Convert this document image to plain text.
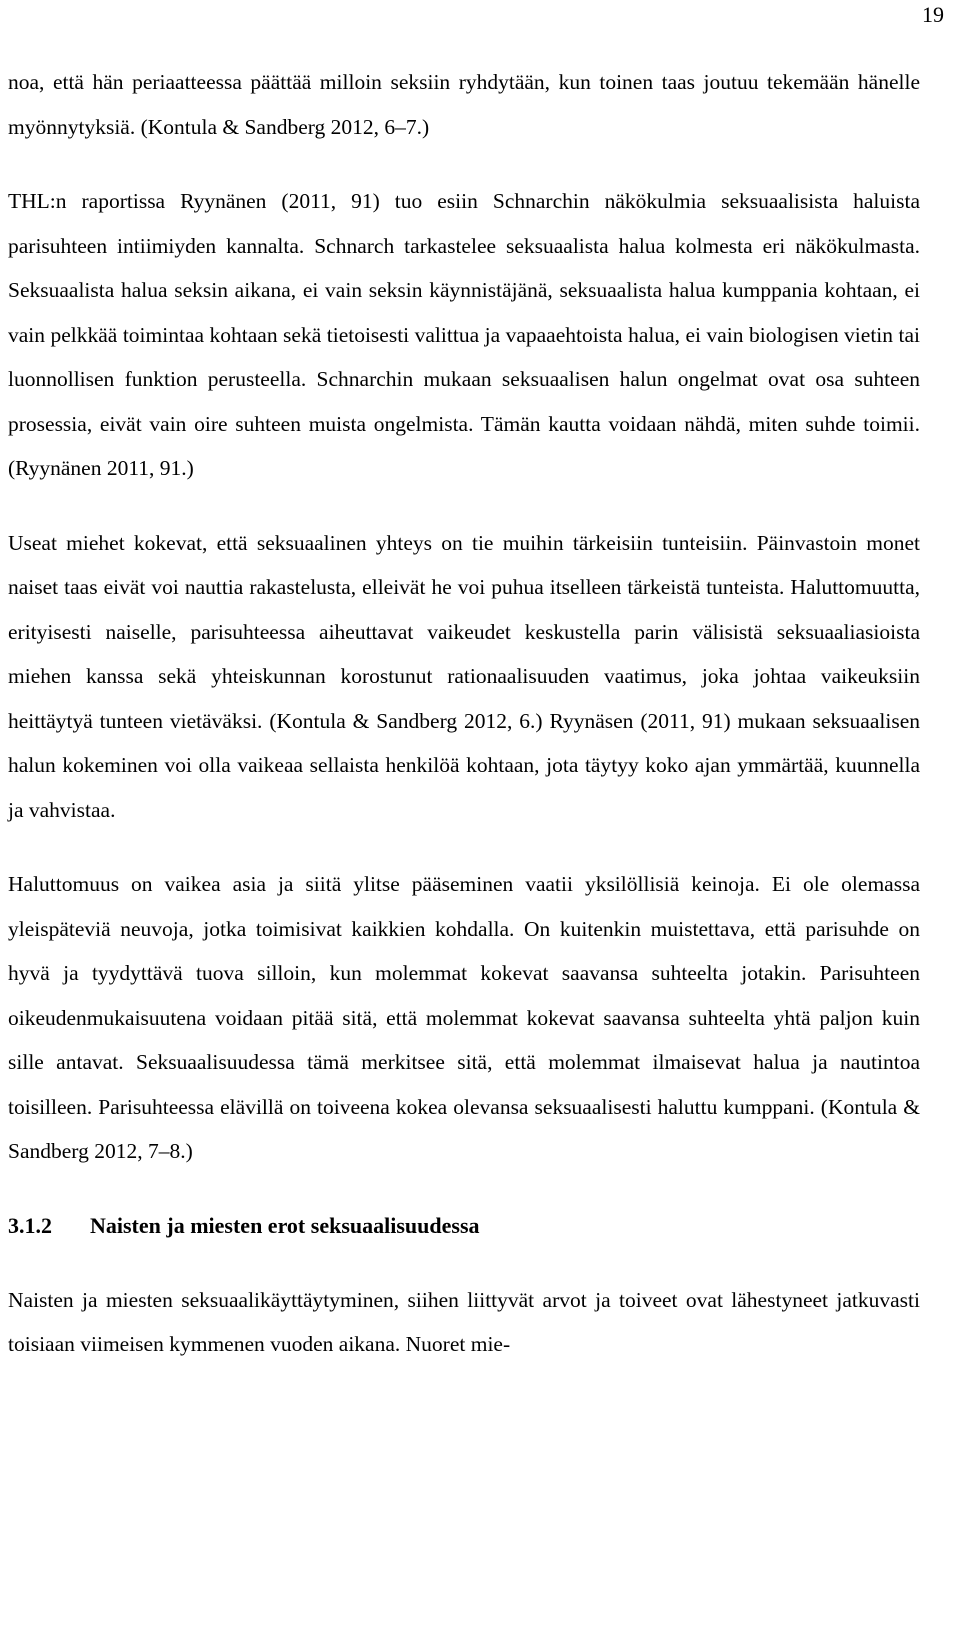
19

noa, että hän periaatteessa päättää milloin seksiin ryhdytään, kun toinen taas joutuu tekemään hänelle myönnytyksiä. (Kontula & Sandberg 2012, 6–7.)

THL:n raportissa Ryynänen (2011, 91) tuo esiin Schnarchin näkökulmia seksuaalisista haluista parisuhteen intiimiyden kannalta. Schnarch tarkastelee seksuaalista halua kolmesta eri näkökulmasta. Seksuaalista halua seksin aikana, ei vain seksin käynnistäjänä, seksuaalista halua kumppania kohtaan, ei vain pelkkää toimintaa kohtaan sekä tietoisesti valittua ja vapaaehtoista halua, ei vain biologisen vietin tai luonnollisen funktion perusteella. Schnarchin mukaan seksuaalisen halun ongelmat ovat osa suhteen prosessia, eivät vain oire suhteen muista ongelmista. Tämän kautta voidaan nähdä, miten suhde toimii. (Ryynänen 2011, 91.)

Useat miehet kokevat, että seksuaalinen yhteys on tie muihin tärkeisiin tunteisiin. Päinvastoin monet naiset taas eivät voi nauttia rakastelusta, elleivät he voi puhua itselleen tärkeistä tunteista. Haluttomuutta, erityisesti naiselle, parisuhteessa aiheuttavat vaikeudet keskustella parin välisistä seksuaaliasioista miehen kanssa sekä yhteiskunnan korostunut rationaalisuuden vaatimus, joka johtaa vaikeuksiin heittäytyä tunteen vietäväksi. (Kontula & Sandberg 2012, 6.) Ryynäsen (2011, 91) mukaan seksuaalisen halun kokeminen voi olla vaikeaa sellaista henkilöä kohtaan, jota täytyy koko ajan ymmärtää, kuunnella ja vahvistaa.

Haluttomuus on vaikea asia ja siitä ylitse pääseminen vaatii yksilöllisiä keinoja. Ei ole olemassa yleispäteviä neuvoja, jotka toimisivat kaikkien kohdalla. On kuitenkin muistettava, että parisuhde on hyvä ja tyydyttävä tuova silloin, kun molemmat kokevat saavansa suhteelta jotakin. Parisuhteen oikeudenmukaisuutena voidaan pitää sitä, että molemmat kokevat saavansa suhteelta yhtä paljon kuin sille antavat. Seksuaalisuudessa tämä merkitsee sitä, että molemmat ilmaisevat halua ja nautintoa toisilleen. Parisuhteessa elävillä on toiveena kokea olevansa seksuaalisesti haluttu kumppani. (Kontula & Sandberg 2012, 7–8.)

3.1.2	Naisten ja miesten erot seksuaalisuudessa

Naisten ja miesten seksuaalikäyttäytyminen, siihen liittyvät arvot ja toiveet ovat lähestyneet jatkuvasti toisiaan viimeisen kymmenen vuoden aikana. Nuoret mie-
